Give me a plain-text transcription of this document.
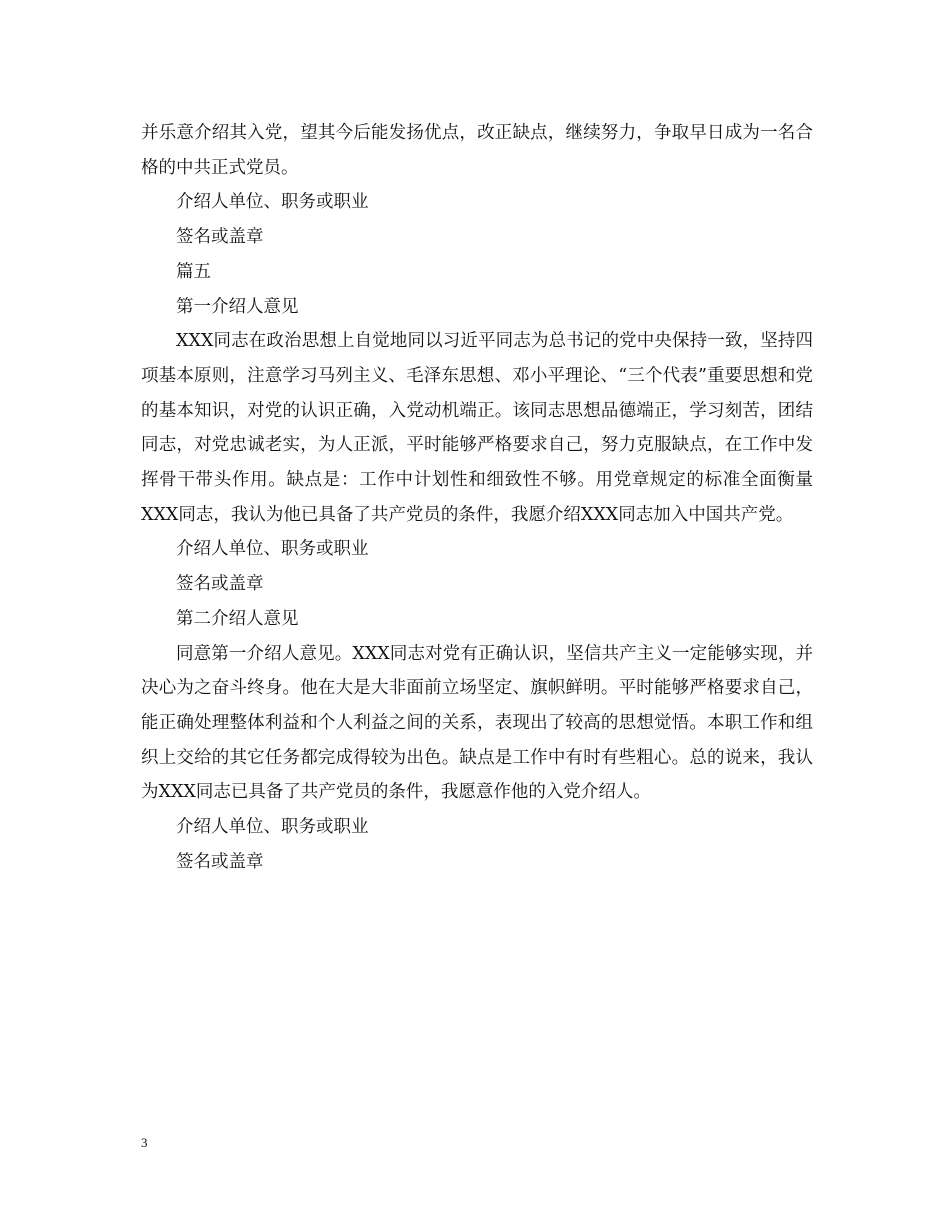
并乐意介绍其入党，望其今后能发扬优点，改正缺点，继续努力，争取早日成为一名合格的中共正式党员。

介绍人单位、职务或职业

签名或盖章

篇五

第一介绍人意见

XXX同志在政治思想上自觉地同以习近平同志为总书记的党中央保持一致，坚持四项基本原则，注意学习马列主义、毛泽东思想、邓小平理论、“三个代表”重要思想和党的基本知识，对党的认识正确，入党动机端正。该同志思想品德端正，学习刻苦，团结同志，对党忠诚老实，为人正派，平时能够严格要求自己，努力克服缺点，在工作中发挥骨干带头作用。缺点是：工作中计划性和细致性不够。用党章规定的标准全面衡量XXX同志，我认为他已具备了共产党员的条件，我愿介绍XXX同志加入中国共产党。

介绍人单位、职务或职业

签名或盖章

第二介绍人意见

同意第一介绍人意见。XXX同志对党有正确认识，坚信共产主义一定能够实现，并决心为之奋斗终身。他在大是大非面前立场坚定、旗帜鲜明。平时能够严格要求自己，能正确处理整体利益和个人利益之间的关系，表现出了较高的思想觉悟。本职工作和组织上交给的其它任务都完成得较为出色。缺点是工作中有时有些粗心。总的说来，我认为XXX同志已具备了共产党员的条件，我愿意作他的入党介绍人。

介绍人单位、职务或职业

签名或盖章

3
